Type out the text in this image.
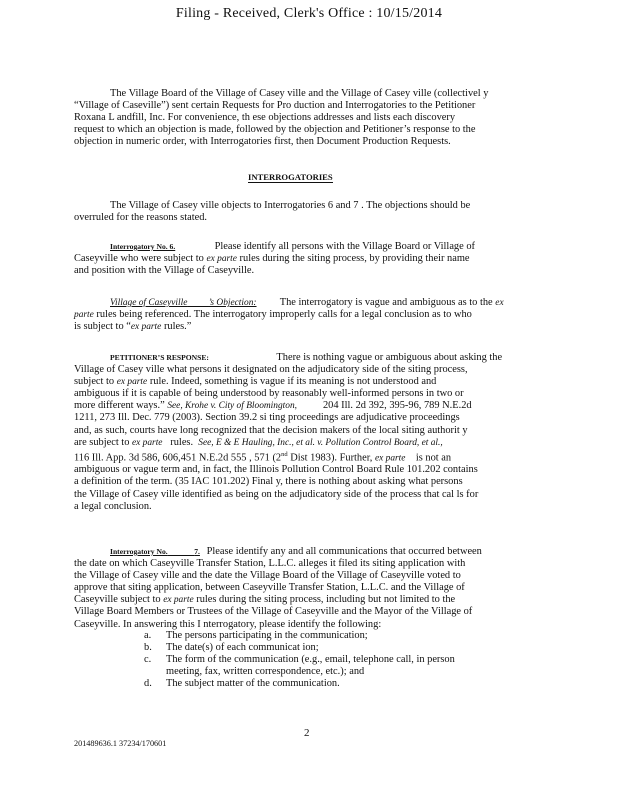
Filing - Received, Clerk's Office : 10/15/2014
The Village Board of the Village of Casey ville and the Village of Casey ville (collectivel y
“Village of Caseville”) sent certain Requests for Pro duction and Interrogatories to the Petitioner
Roxana L andfill, Inc. For convenience, th ese objections addresses and lists each discovery
request to which an objection is made, followed by the objection and Petitioner’s response to the
objection in numeric order, with Interrogatories first, then Document Production Requests.
INTERROGATORIES
The Village of Casey ville objects to Interrogatories 6 and 7 . The objections should be
overruled for the reasons stated.
Interrogatory No. 6.	Please identify all persons with the Village Board or Village of
Caseyville who were subject to ex parte rules during the siting process, by providing their name
and position with the Village of Caseyville.
Village of Caseyville ’s Objection: The interrogatory is vague and ambiguous as to the ex
parte rules being referenced. The interrogatory improperly calls for a legal conclusion as to who
is subject to “ex parte rules.”
PETITIONER’S RESPONSE:	There is nothing vague or ambiguous about asking the
Village of Casey ville what persons it designated on the adjudicatory side of the siting process,
subject to ex parte rule. Indeed, something is vague if its meaning is not understood and
ambiguous if it is capable of being understood by reasonably well-informed persons in two or
more different ways.” See, Krohe v. City of Bloomington, 204 Ill. 2d 392, 395-96, 789 N.E.2d
1211, 273 Ill. Dec. 779 (2003). Section 39.2 si ting proceedings are adjudicative proceedings
and, as such, courts have long recognized that the decision makers of the local siting authorit y
are subject to ex parte rules. See, E & E Hauling, Inc., et al. v. Pollution Control Board, et al.,
116 Ill. App. 3d 586, 606,451 N.E.2d 555 , 571 (2nd Dist 1983). Further, ex parte is not an
ambiguous or vague term and, in fact, the Illinois Pollution Control Board Rule 101.202 contains
a definition of the term. (35 IAC 101.202) Final y, there is nothing about asking what persons
the Village of Casey ville identified as being on the adjudicatory side of the process that cal ls for
a legal conclusion.
Interrogatory No.	7. Please identify any and all communications that occurred between
the date on which Caseyville Transfer Station, L.L.C. alleges it filed its siting application with
the Village of Casey ville and the date the Village Board of the Village of Caseyville voted to
approve that siting application, between Caseyville Transfer Station, L.L.C. and the Village of
Caseyville subject to ex parte rules during the siting process, including but not limited to the
Village Board Members or Trustees of the Village of Caseyville and the Mayor of the Village of
Caseyville. In answering this I nterrogatory, please identify the following:
a. The persons participating in the communication;
b. The date(s) of each communicat ion;
c. The form of the communication (e.g., email, telephone call, in person
meeting, fax, written correspondence, etc.); and
d. The subject matter of the communication.
2
201489636.1 37234/170601
